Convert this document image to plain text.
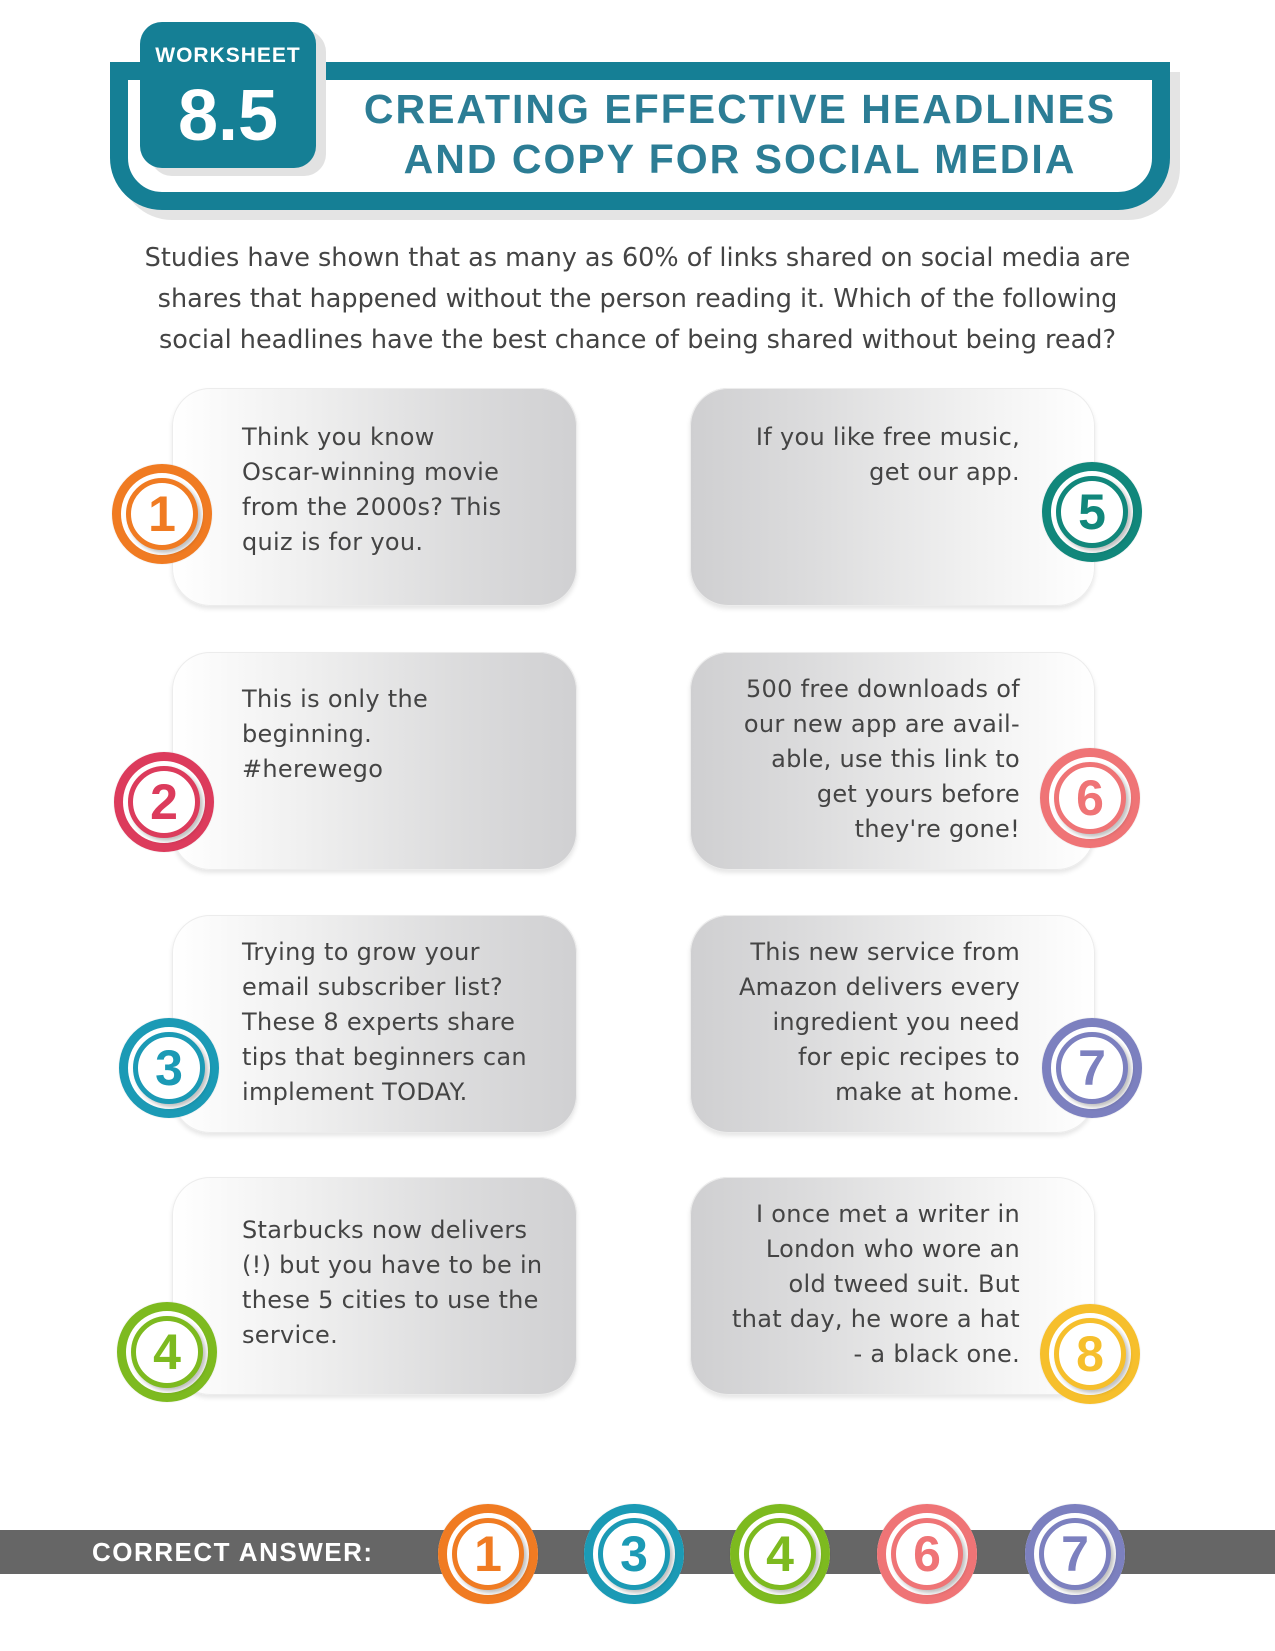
WORKSHEET
8.5	CREATING EFFECTIVE HEADLINES
AND COPY FOR SOCIAL MEDIA
Studies have shown that as many as 60% of links shared on social media are
shares that happened without the person reading it. Which of the following
social headlines have the best chance of being shared without being read?
Think you know
Oscar-winning movie
from the 2000s? This
quiz is for you.
This is only the
beginning.
#herewego
Trying to grow your
email subscriber list?
These 8 experts share
tips that beginners can
implement TODAY.
Starbucks now delivers
(!) but you have to be in
these 5 cities to use the
service.
If you like free music,
get our app.
500 free downloads of
our new app are avail-
able, use this link to
get yours before
they're gone!
This new service from
Amazon delivers every
ingredient you need
for epic recipes to
make at home.
I once met a writer in
London who wore an
old tweed suit. But
that day, he wore a hat
- a black one.
1
2
3
4
5
6
7
8
CORRECT ANSWER:	1	3	4	6	7
